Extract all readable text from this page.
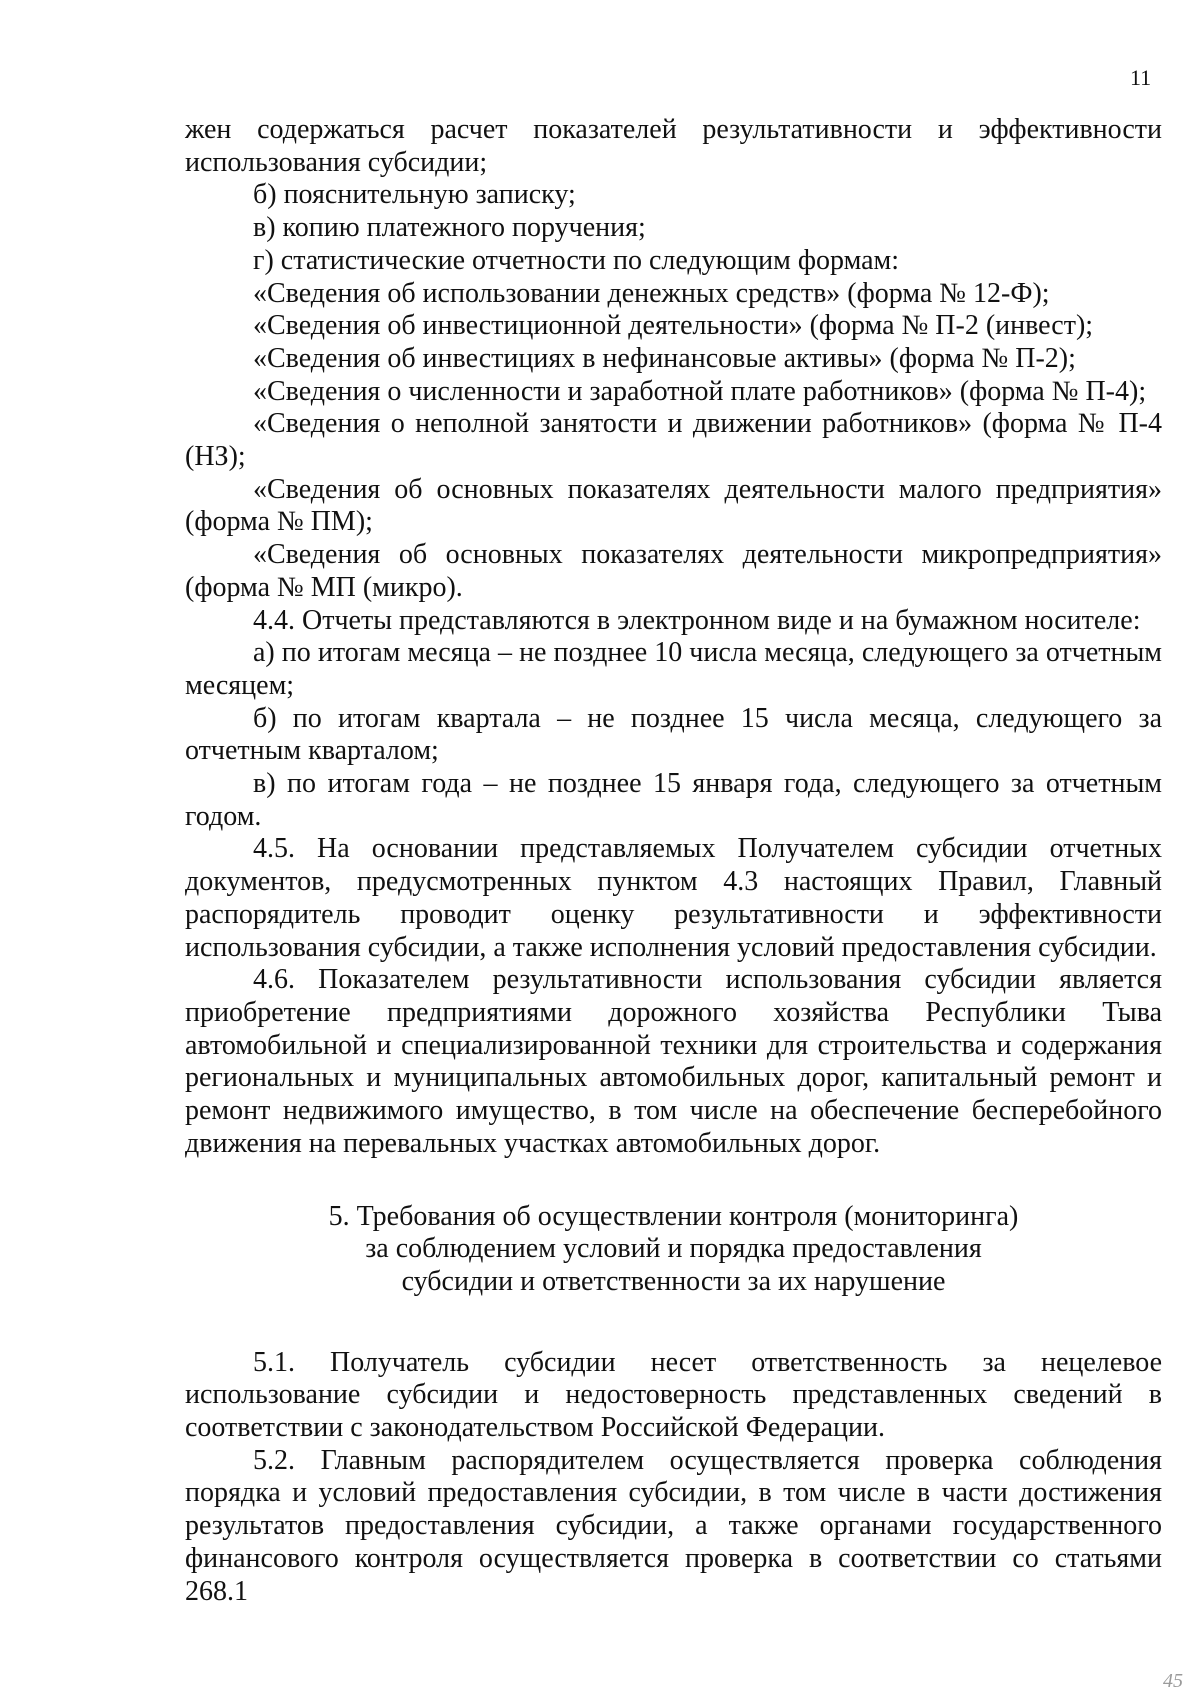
11

жен содержаться расчет показателей результативности и эффективности использования субсидии;

б) пояснительную записку;

в) копию платежного поручения;

г) статистические отчетности по следующим формам:

«Сведения об использовании денежных средств» (форма № 12-Ф);

«Сведения об инвестиционной деятельности» (форма № П-2 (инвест);

«Сведения об инвестициях в нефинансовые активы» (форма № П-2);

«Сведения о численности и заработной плате работников» (форма № П-4);

«Сведения о неполной занятости и движении работников» (форма № П-4 (НЗ);

«Сведения об основных показателях деятельности малого предприятия» (форма № ПМ);

«Сведения об основных показателях деятельности микропредприятия» (форма № МП (микро).

4.4. Отчеты представляются в электронном виде и на бумажном носителе:

а) по итогам месяца – не позднее 10 числа месяца, следующего за отчетным месяцем;

б) по итогам квартала – не позднее 15 числа месяца, следующего за отчетным кварталом;

в) по итогам года – не позднее 15 января года, следующего за отчетным годом.

4.5. На основании представляемых Получателем субсидии отчетных документов, предусмотренных пунктом 4.3 настоящих Правил, Главный распорядитель проводит оценку результативности и эффективности использования субсидии, а также исполнения условий предоставления субсидии.

4.6. Показателем результативности использования субсидии является приобретение предприятиями дорожного хозяйства Республики Тыва автомобильной и специализированной техники для строительства и содержания региональных и муниципальных автомобильных дорог, капитальный ремонт и ремонт недвижимого имущество, в том числе на обеспечение бесперебойного движения на перевальных участках автомобильных дорог.

5. Требования об осуществлении контроля (мониторинга)
за соблюдением условий и порядка предоставления
субсидии и ответственности за их нарушение

5.1. Получатель субсидии несет ответственность за нецелевое использование субсидии и недостоверность представленных сведений в соответствии с законодательством Российской Федерации.

5.2. Главным распорядителем осуществляется проверка соблюдения порядка и условий предоставления субсидии, в том числе в части достижения результатов предоставления субсидии, а также органами государственного финансового контроля осуществляется проверка в соответствии со статьями 268.1

45
